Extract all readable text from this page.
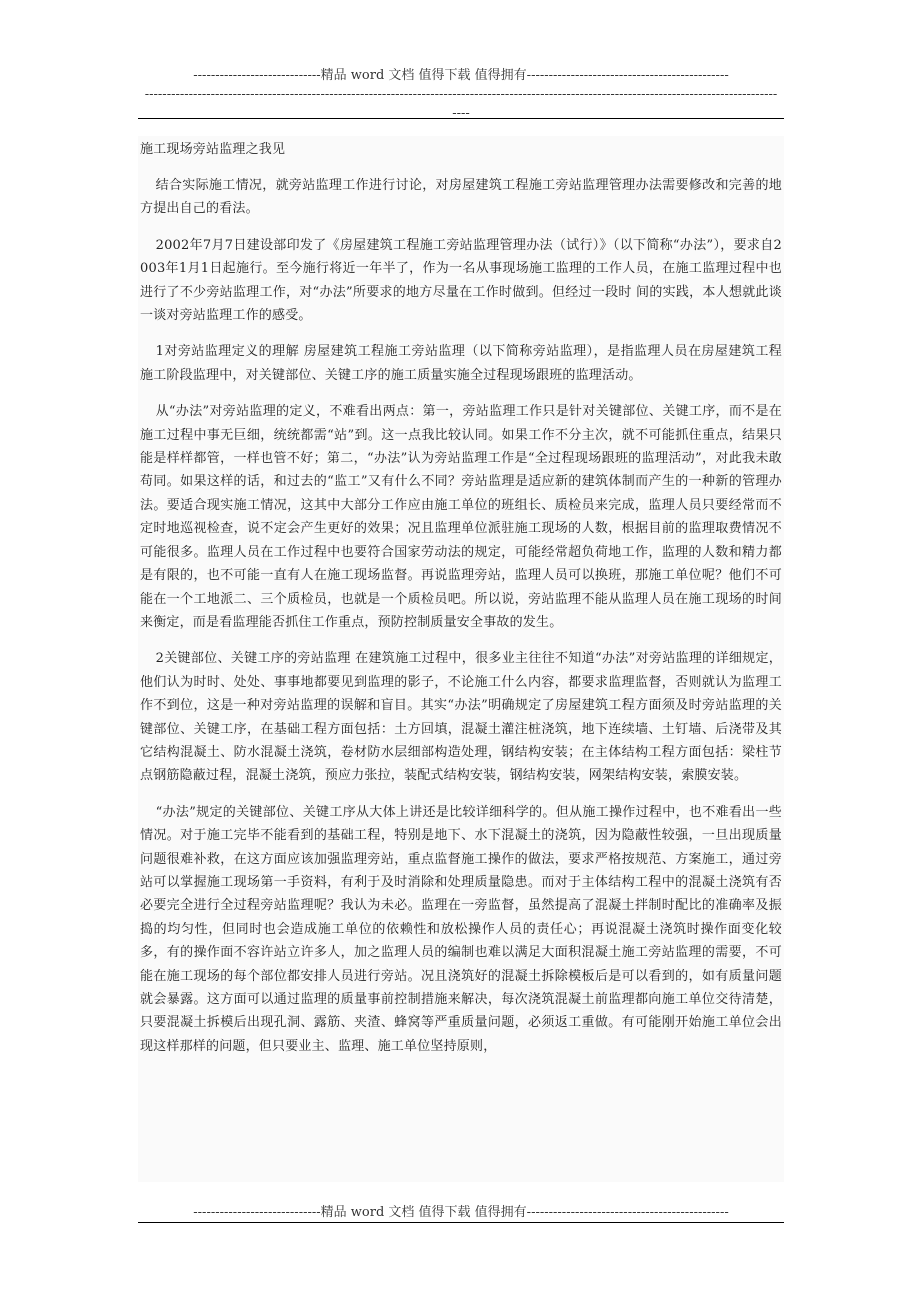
-----------------------------精品 word 文档 值得下载 值得拥有----------------------------------------------
------------------------------------------------------------------------------------------------------------------------------------------------
----
施工现场旁站监理之我见

结合实际施工情况，就旁站监理工作进行讨论，对房屋建筑工程施工旁站监理管理办法需要修改和完善的地方提出自己的看法。

2002年7月7日建设部印发了《房屋建筑工程施工旁站监理管理办法（试行）》（以下简称“办法”），要求自2003年1月1日起施行。至今施行将近一年半了，作为一名从事现场施工监理的工作人员，在施工监理过程中也进行了不少旁站监理工作，对“办法”所要求的地方尽量在工作时做到。但经过一段时 间的实践，本人想就此谈一谈对旁站监理工作的感受。

1对旁站监理定义的理解 房屋建筑工程施工旁站监理（以下简称旁站监理），是指监理人员在房屋建筑工程施工阶段监理中，对关键部位、关键工序的施工质量实施全过程现场跟班的监理活动。

从“办法”对旁站监理的定义，不难看出两点：第一，旁站监理工作只是针对关键部位、关键工序，而不是在施工过程中事无巨细，统统都需“站”到。这一点我比较认同。如果工作不分主次，就不可能抓住重点，结果只能是样样都管，一样也管不好；第二，“办法”认为旁站监理工作是“全过程现场跟班的监理活动”，对此我未敢苟同。如果这样的话，和过去的“监工”又有什么不同？旁站监理是适应新的建筑体制而产生的一种新的管理办法。要适合现实施工情况，这其中大部分工作应由施工单位的班组长、质检员来完成，监理人员只要经常而不定时地巡视检查，说不定会产生更好的效果；况且监理单位派驻施工现场的人数，根据目前的监理取费情况不可能很多。监理人员在工作过程中也要符合国家劳动法的规定，可能经常超负荷地工作，监理的人数和精力都是有限的，也不可能一直有人在施工现场监督。再说监理旁站，监理人员可以换班，那施工单位呢？他们不可能在一个工地派二、三个质检员，也就是一个质检员吧。所以说，旁站监理不能从监理人员在施工现场的时间来衡定，而是看监理能否抓住工作重点，预防控制质量安全事故的发生。

2关键部位、关键工序的旁站监理 在建筑施工过程中，很多业主往往不知道“办法”对旁站监理的详细规定， 他们认为时时、处处、事事地都要见到监理的影子，不论施工什么内容，都要求监理监督，否则就认为监理工作不到位，这是一种对旁站监理的误解和盲目。其实“办法”明确规定了房屋建筑工程方面须及时旁站监理的关键部位、关键工序，在基础工程方面包括：土方回填，混凝土灌注桩浇筑，地下连续墙、土钉墙、后浇带及其它结构混凝土、防水混凝土浇筑，卷材防水层细部构造处理，钢结构安装；在主体结构工程方面包括：梁柱节点钢筋隐蔽过程，混凝土浇筑，预应力张拉，装配式结构安装，钢结构安装，网架结构安装，索膜安装。

“办法”规定的关键部位、关键工序从大体上讲还是比较详细科学的。但从施工操作过程中，也不难看出一些情况。对于施工完毕不能看到的基础工程，特别是地下、水下混凝土的浇筑，因为隐蔽性较强，一旦出现质量问题很难补救，在这方面应该加强监理旁站，重点监督施工操作的做法，要求严格按规范、方案施工，通过旁站可以掌握施工现场第一手资料，有利于及时消除和处理质量隐患。而对于主体结构工程中的混凝土浇筑有否必要完全进行全过程旁站监理呢？我认为未必。监理在一旁监督，虽然提高了混凝土拌制时配比的准确率及振捣的均匀性，但同时也会造成施工单位的依赖性和放松操作人员的责任心；再说混凝土浇筑时操作面变化较多，有的操作面不容许站立许多人，加之监理人员的编制也难以满足大面积混凝土施工旁站监理的需要，不可能在施工现场的每个部位都安排人员进行旁站。况且浇筑好的混凝土拆除模板后是可以看到的，如有质量问题就会暴露。这方面可以通过监理的质量事前控制措施来解决，每次浇筑混凝土前监理都向施工单位交待清楚，只要混凝土拆模后出现孔洞、露筋、夹渣、蜂窝等严重质量问题，必须返工重做。有可能刚开始施工单位会出现这样那样的问题，但只要业主、监理、施工单位坚持原则，

-----------------------------精品 word 文档 值得下载 值得拥有----------------------------------------------
